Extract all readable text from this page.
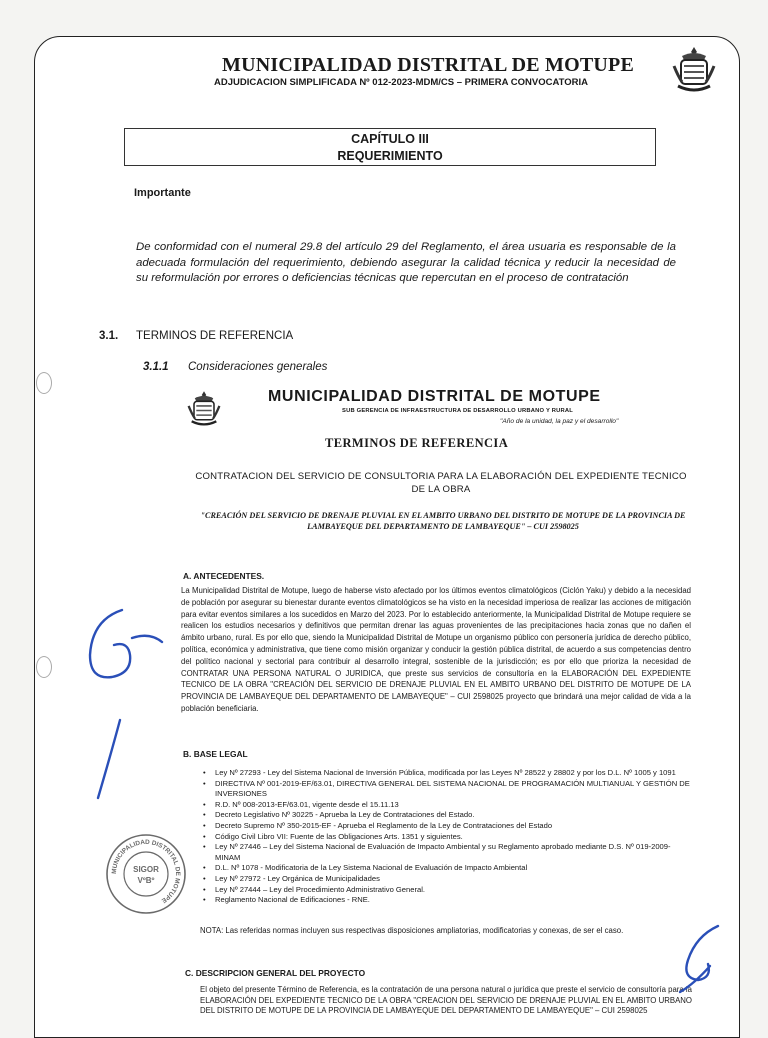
MUNICIPALIDAD DISTRITAL DE MOTUPE
ADJUDICACION SIMPLIFICADA Nº 012-2023-MDM/CS – PRIMERA CONVOCATORIA
CAPÍTULO III
REQUERIMIENTO
Importante
De conformidad con el numeral 29.8 del artículo 29 del Reglamento, el área usuaria es responsable de la adecuada formulación del requerimiento, debiendo asegurar la calidad técnica y reducir la necesidad de su reformulación por errores o deficiencias técnicas que repercutan en el proceso de contratación
3.1. TERMINOS DE REFERENCIA
3.1.1 Consideraciones generales
MUNICIPALIDAD DISTRITAL DE MOTUPE
SUB GERENCIA DE INFRAESTRUCTURA DE DESARROLLO URBANO Y RURAL
"Año de la unidad, la paz y el desarrollo"
TERMINOS DE REFERENCIA
CONTRATACION DEL SERVICIO DE CONSULTORIA PARA LA ELABORACIÓN DEL EXPEDIENTE TECNICO DE LA OBRA
"CREACIÓN DEL SERVICIO DE DRENAJE PLUVIAL EN EL AMBITO URBANO DEL DISTRITO DE MOTUPE DE LA PROVINCIA DE LAMBAYEQUE DEL DEPARTAMENTO DE LAMBAYEQUE" – CUI 2598025
A. ANTECEDENTES.
La Municipalidad Distrital de Motupe, luego de haberse visto afectado por los últimos eventos climatológicos (Ciclón Yaku) y debido a la necesidad de población por asegurar su bienestar durante eventos climatológicos se ha visto en la necesidad imperiosa de realizar las acciones de mitigación para evitar eventos similares a los sucedidos en Marzo del 2023. Por lo establecido anteriormente, la Municipalidad Distrital de Motupe requiere se realicen los estudios necesarios y definitivos que permitan drenar las aguas provenientes de las precipitaciones hacia zonas que no dañen el ámbito urbano, rural. Es por ello que, siendo la Municipalidad Distrital de Motupe un organismo público con personería jurídica de derecho público, política, económica y administrativa, que tiene como misión organizar y conducir la gestión pública distrital, de acuerdo a sus competencias dentro del político nacional y sectorial para contribuir al desarrollo integral, sostenible de la jurisdicción; es por ello que prioriza la necesidad de CONTRATAR UNA PERSONA NATURAL O JURIDICA, que preste sus servicios de consultoría en la ELABORACIÓN DEL EXPEDIENTE TECNICO DE LA OBRA "CREACIÓN DEL SERVICIO DE DRENAJE PLUVIAL EN EL AMBITO URBANO DEL DISTRITO DE MOTUPE DE LA PROVINCIA DE LAMBAYEQUE DEL DEPARTAMENTO DE LAMBAYEQUE" – CUI 2598025 proyecto que brindará una mejor calidad de vida a la población beneficiaria.
B. BASE LEGAL
• Ley Nº 27293 - Ley del Sistema Nacional de Inversión Pública, modificada por las Leyes Nº 28522 y 28802 y por los D.L. Nº 1005 y 1091
• DIRECTIVA Nº 001-2019-EF/63.01, DIRECTIVA GENERAL DEL SISTEMA NACIONAL DE PROGRAMACIÓN MULTIANUAL Y GESTIÓN DE INVERSIONES
• R.D. Nº 008-2013-EF/63.01, vigente desde el 15.11.13
• Decreto Legislativo Nº 30225 - Aprueba la Ley de Contrataciones del Estado.
• Decreto Supremo Nº 350-2015-EF - Aprueba el Reglamento de la Ley de Contrataciones del Estado
• Código Civil Libro VII: Fuente de las Obligaciones Arts. 1351 y siguientes.
• Ley Nº 27446 – Ley del Sistema Nacional de Evaluación de Impacto Ambiental y su Reglamento aprobado mediante D.S. Nº 019-2009-MINAM
• D.L. Nº 1078 - Modificatoria de la Ley Sistema Nacional de Evaluación de Impacto Ambiental
• Ley Nº 27972 - Ley Orgánica de Municipalidades
• Ley Nº 27444 – Ley del Procedimiento Administrativo General.
• Reglamento Nacional de Edificaciones - RNE.
NOTA: Las referidas normas incluyen sus respectivas disposiciones ampliatorias, modificatorias y conexas, de ser el caso.
C. DESCRIPCION GENERAL DEL PROYECTO
El objeto del presente Término de Referencia, es la contratación de una persona natural o jurídica que preste el servicio de consultoría para la ELABORACIÓN DEL EXPEDIENTE TECNICO DE LA OBRA "CREACION DEL SERVICIO DE DRENAJE PLUVIAL EN EL AMBITO URBANO DEL DISTRITO DE MOTUPE DE LA PROVINCIA DE LAMBAYEQUE DEL DEPARTAMENTO DE LAMBAYEQUE" – CUI 2598025
MUNICIPALIDAD DISTRITAL DE MOTUPE
SIGOR
VºBº
